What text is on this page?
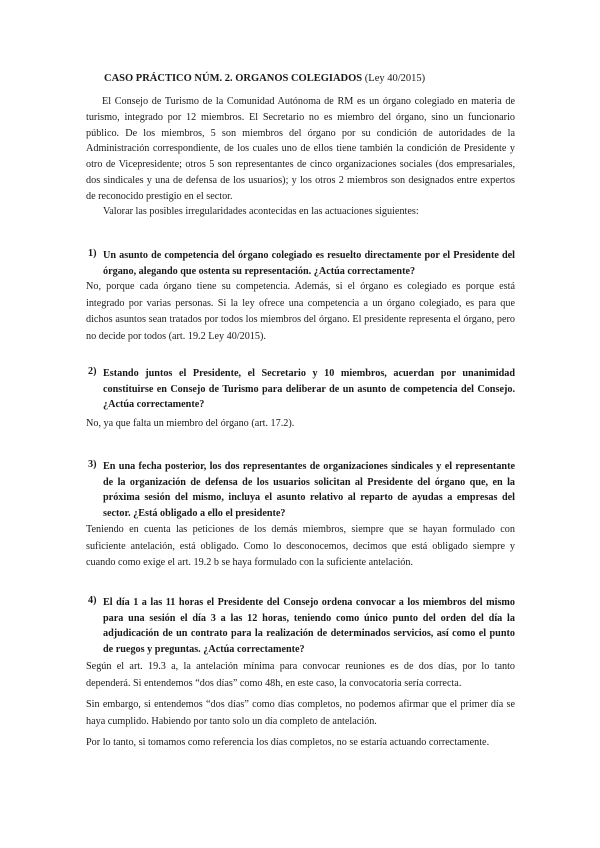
CASO PRÁCTICO NÚM. 2. ORGANOS COLEGIADOS (Ley 40/2015)
El Consejo de Turismo de la Comunidad Autónoma de RM es un órgano colegiado en materia de turismo, integrado por 12 miembros. El Secretario no es miembro del órgano, sino un funcionario público. De los miembros, 5 son miembros del órgano por su condición de autoridades de la Administración correspondiente, de los cuales uno de ellos tiene también la condición de Presidente y otro de Vicepresidente; otros 5 son representantes de cinco organizaciones sociales (dos empresariales, dos sindicales y una de defensa de los usuarios); y los otros 2 miembros son designados entre expertos de reconocido prestigio en el sector.
Valorar las posibles irregularidades acontecidas en las actuaciones siguientes:
1) Un asunto de competencia del órgano colegiado es resuelto directamente por el Presidente del órgano, alegando que ostenta su representación. ¿Actúa correctamente?
No, porque cada órgano tiene su competencia. Además, si el órgano es colegiado es porque está integrado por varias personas. Si la ley ofrece una competencia a un órgano colegiado, es para que dichos asuntos sean tratados por todos los miembros del órgano. El presidente representa el órgano, pero no decide por todos (art. 19.2 Ley 40/2015).
2) Estando juntos el Presidente, el Secretario y 10 miembros, acuerdan por unanimidad constituirse en Consejo de Turismo para deliberar de un asunto de competencia del Consejo. ¿Actúa correctamente?
No, ya que falta un miembro del órgano (art. 17.2).
3) En una fecha posterior, los dos representantes de organizaciones sindicales y el representante de la organización de defensa de los usuarios solicitan al Presidente del órgano que, en la próxima sesión del mismo, incluya el asunto relativo al reparto de ayudas a empresas del sector. ¿Está obligado a ello el presidente?
Teniendo en cuenta las peticiones de los demás miembros, siempre que se hayan formulado con suficiente antelación, está obligado. Como lo desconocemos, decimos que está obligado siempre y cuando como exige el art. 19.2 b se haya formulado con la suficiente antelación.
4) El día 1 a las 11 horas el Presidente del Consejo ordena convocar a los miembros del mismo para una sesión el día 3 a las 12 horas, teniendo como único punto del orden del día la adjudicación de un contrato para la realización de determinados servicios, así como el punto de ruegos y preguntas. ¿Actúa correctamente?
Según el art. 19.3 a, la antelación mínima para convocar reuniones es de dos días, por lo tanto dependerá. Si entendemos “dos días” como 48h, en este caso, la convocatoria sería correcta.
Sin embargo, si entendemos “dos días” como días completos, no podemos afirmar que el primer día se haya cumplido. Habiendo por tanto solo un día completo de antelación.
Por lo tanto, si tomamos como referencia los días completos, no se estaría actuando correctamente.
